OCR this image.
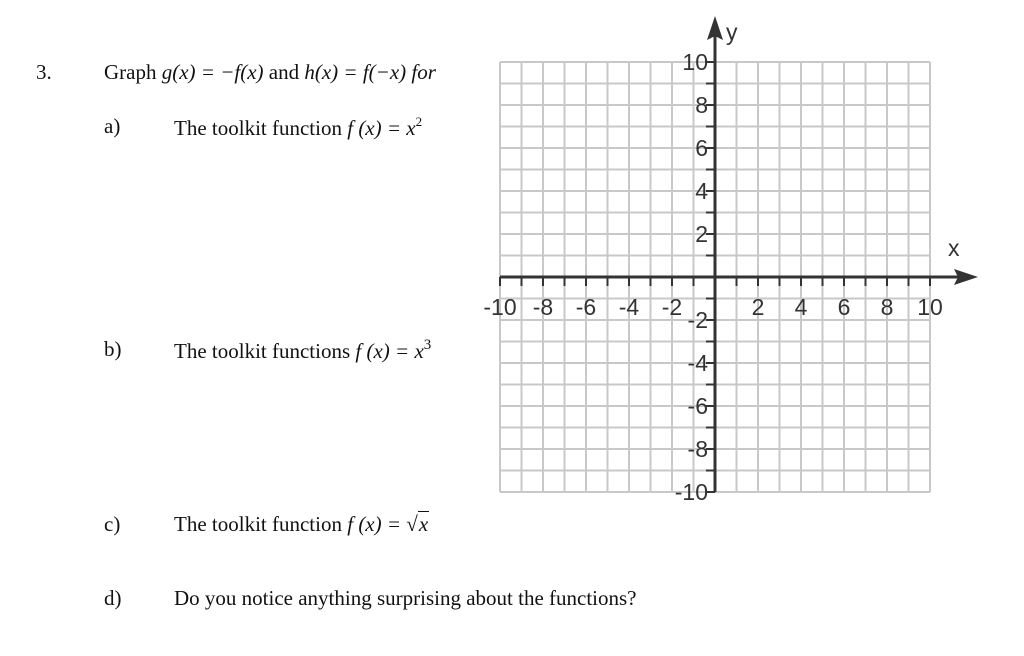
3. Graph g(x) = −f(x) and h(x) = f(−x) for
a)	The toolkit function f $(x) = x^2$
b)	The toolkit functions f $(x) = x^3$
c)	The toolkit function f (x) = √x
d)	Do you notice anything surprising about the functions?
-10 -8 -6 -4 -2	2 4 6 8 10
10
8
6
4
2
-2
-4
-6
-8
-10
x
y
